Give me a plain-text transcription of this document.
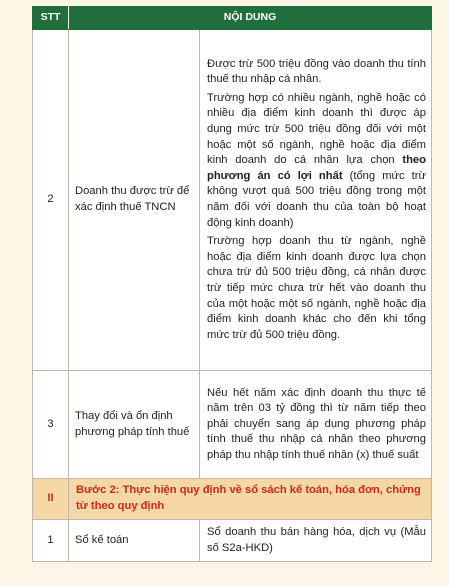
STT	NỘI DUNG	
2	Doanh thu được trừ để xác định thuế TNCN	Được trừ 500 triệu đồng vào doanh thu tính thuế thu nhập cá nhân.

Trường hợp có nhiều ngành, nghề hoặc có nhiều địa điểm kinh doanh thì được áp dụng mức trừ 500 triệu đồng đối với một hoặc một số ngành, nghề hoặc địa điểm kinh doanh do cá nhân lựa chọn theo phương án có lợi nhất (tổng mức trừ không vượt quá 500 triệu đồng trong một năm đối với doanh thu của toàn bộ hoạt động kinh doanh)

Trường hợp doanh thu từ ngành, nghề hoặc địa điểm kinh doanh được lựa chọn chưa trừ đủ 500 triệu đồng, cá nhân được trừ tiếp mức chưa trừ hết vào doanh thu của một hoặc một số ngành, nghề hoặc địa điểm kinh doanh khác cho đến khi tổng mức trừ đủ 500 triệu đồng.

3	Thay đổi và ổn định phương pháp tính thuế	Nếu hết năm xác định doanh thu thực tế năm trên 03 tỷ đồng thì từ năm tiếp theo phải chuyển sang áp dụng phương pháp tính thuế thu nhập cá nhân theo phương pháp thu nhập tính thuế nhân (x) thuế suất
II	Bước 2: Thực hiện quy định về sổ sách kế toán, hóa đơn, chứng từ theo quy định	
1	Sổ kế toán	Sổ doanh thu bán hàng hóa, dịch vụ (Mẫu số S2a-HKD)
